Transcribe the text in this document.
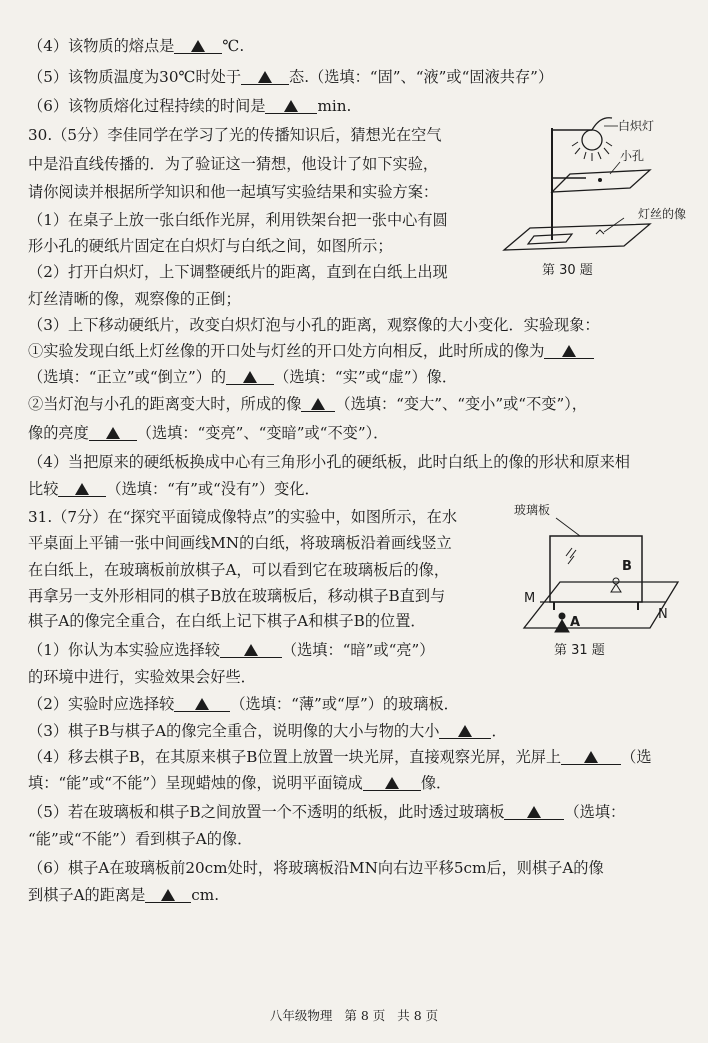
（4）该物质的熔点是	℃.
（5）该物质温度为30℃时处于	态.（选填：“固”、“液”或“固液共存”）
（6）该物质熔化过程持续的时间是	min.
30.（5分）李佳同学在学习了光的传播知识后，猜想光在空气
中是沿直线传播的．为了验证这一猜想，他设计了如下实验，
请你阅读并根据所学知识和他一起填写实验结果和实验方案：
（1）在桌子上放一张白纸作光屏，利用铁架台把一张中心有圆
形小孔的硬纸片固定在白炽灯与白纸之间，如图所示；
（2）打开白炽灯，上下调整硬纸片的距离，直到在白纸上出现
灯丝清晰的像，观察像的正倒；
（3）上下移动硬纸片，改变白炽灯泡与小孔的距离，观察像的大小变化．实验现象：
①实验发现白纸上灯丝像的开口处与灯丝的开口处方向相反，此时所成的像为
（选填：“正立”或“倒立”）的	（选填：“实”或“虚”）像．
②当灯泡与小孔的距离变大时，所成的像 （选填：“变大”、“变小”或“不变”），
像的亮度	（选填：“变亮”、“变暗”或“不变”）．
（4）当把原来的硬纸板换成中心有三角形小孔的硬纸板，此时白纸上的像的形状和原来相
比较	（选填：“有”或“没有”）变化．
白炽灯
小孔
灯丝的像
第 30 题
31.（7分）在“探究平面镜成像特点”的实验中，如图所示，在水
平桌面上平铺一张中间画线MN的白纸，将玻璃板沿着画线竖立
在白纸上，在玻璃板前放棋子A，可以看到它在玻璃板后的像，
再拿另一支外形相同的棋子B放在玻璃板后，移动棋子B直到与
棋子A的像完全重合，在白纸上记下棋子A和棋子B的位置．
（1）你认为本实验应选择较	（选填：“暗”或“亮”）
的环境中进行，实验效果会好些．
（2）实验时应选择较	（选填：“薄”或“厚”）的玻璃板．
（3）棋子B与棋子A的像完全重合，说明像的大小与物的大小	．
（4）移去棋子B，在其原来棋子B位置上放置一块光屏，直接观察光屏，光屏上	（选
填：“能”或“不能”）呈现蜡烛的像，说明平面镜成	像．
（5）若在玻璃板和棋子B之间放置一个不透明的纸板，此时透过玻璃板	（选填：
“能”或“不能”）看到棋子A的像．
（6）棋子A在玻璃板前20cm处时，将玻璃板沿MN向右边平移5cm后，则棋子A的像
到棋子A的距离是	cm.
玻璃板
B
A
M
N
第 31 题
八年级物理 第 8 页 共 8 页
